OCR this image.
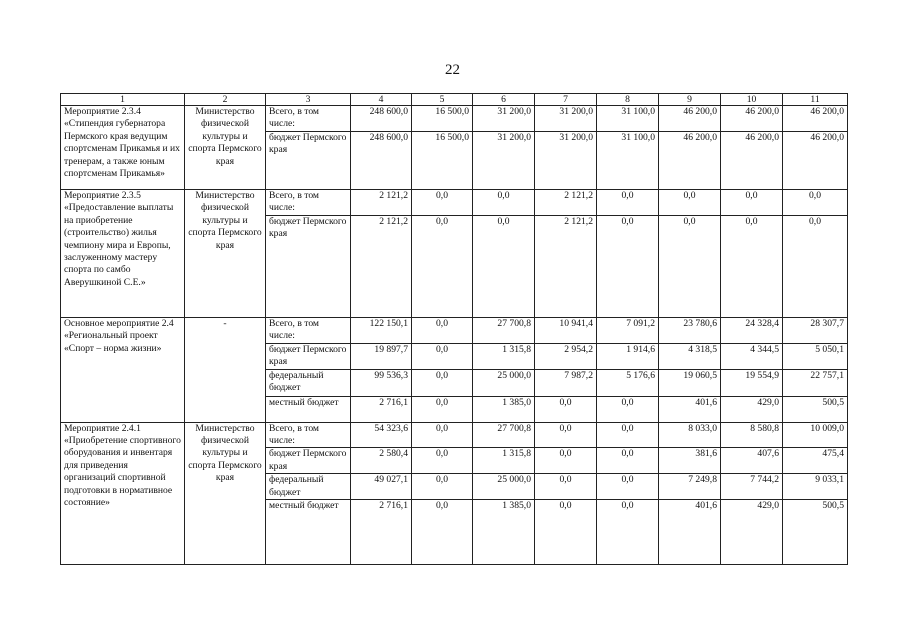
22
1	2	3	4	5	6	7	8	9	10	11
Мероприятие 2.3.4 «Стипендия губернатора Пермского края ведущим спортсменам Прикамья и их тренерам, а также юным спортсменам Прикамья»	Министерство физической культуры и спорта Пермского края	Всего, в том числе:	248 600,0	16 500,0	31 200,0	31 200,0	31 100,0	46 200,0	46 200,0	46 200,0
		бюджет Пермского края	248 600,0	16 500,0	31 200,0	31 200,0	31 100,0	46 200,0	46 200,0	46 200,0
Мероприятие 2.3.5 «Предоставление выплаты на приобретение (строительство) жилья чемпиону мира и Европы, заслуженному мастеру спорта по самбо Аверушкиной С.Е.»	Министерство физической культуры и спорта Пермского края	Всего, в том числе:	2 121,2	0,0	0,0	2 121,2	0,0	0,0	0,0	0,0
		бюджет Пермского края	2 121,2	0,0	0,0	2 121,2	0,0	0,0	0,0	0,0
Основное мероприятие 2.4 «Региональный проект «Спорт – норма жизни»	-	Всего, в том числе:	122 150,1	0,0	27 700,8	10 941,4	7 091,2	23 780,6	24 328,4	28 307,7
		бюджет Пермского края	19 897,7	0,0	1 315,8	2 954,2	1 914,6	4 318,5	4 344,5	5 050,1
		федеральный бюджет	99 536,3	0,0	25 000,0	7 987,2	5 176,6	19 060,5	19 554,9	22 757,1
		местный бюджет	2 716,1	0,0	1 385,0	0,0	0,0	401,6	429,0	500,5
Мероприятие 2.4.1 «Приобретение спортивного оборудования и инвентаря для приведения организаций спортивной подготовки в нормативное состояние»	Министерство физической культуры и спорта Пермского края	Всего, в том числе:	54 323,6	0,0	27 700,8	0,0	0,0	8 033,0	8 580,8	10 009,0
		бюджет Пермского края	2 580,4	0,0	1 315,8	0,0	0,0	381,6	407,6	475,4
		федеральный бюджет	49 027,1	0,0	25 000,0	0,0	0,0	7 249,8	7 744,2	9 033,1
		местный бюджет	2 716,1	0,0	1 385,0	0,0	0,0	401,6	429,0	500,5
